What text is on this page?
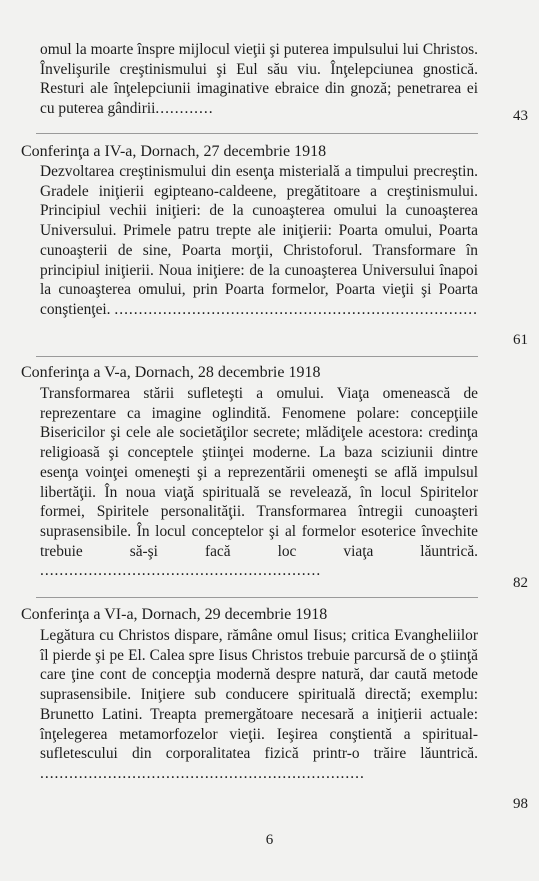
omul la moarte înspre mijlocul vieţii şi puterea impulsului lui Christos. Învelişurile creştinismului şi Eul său viu. Înţelepciunea gnostică. Resturi ale înţelepciunii imaginative ebraice din gnoză; penetrarea ei cu puterea gândirii............	43
Conferinţa a IV-a, Dornach, 27 decembrie 1918

Dezvoltarea creştinismului din esenţa misterială a timpului precreştin. Gradele iniţierii egipteano-caldeene, pregătitoare a creştinismului. Principiul vechii iniţieri: de la cunoaşterea omului la cunoaşterea Universului. Primele patru trepte ale iniţierii: Poarta omului, Poarta cunoaşterii de sine, Poarta morţii, Christoforul. Transformare în principiul iniţierii. Noua iniţiere: de la cunoaşterea Universului înapoi la cunoaşterea omului, prin Poarta formelor, Poarta vieţii şi Poarta conştienţei. ...........................................................................

61
Conferinţa a V-a, Dornach, 28 decembrie 1918

Transformarea stării sufleteşti a omului. Viaţa omenească de reprezentare ca imagine oglindită. Fenomene polare: concepţiile Bisericilor şi cele ale societăţilor secrete; mlădiţele acestora: credinţa religioasă şi conceptele ştiinţei moderne. La baza sciziunii dintre esenţa voinţei omeneşti şi a reprezentării omeneşti se află impulsul libertăţii. În noua viaţă spirituală se revelează, în locul Spiritelor formei, Spiritele personalităţii. Transformarea întregii cunoaşteri suprasensibile. În locul conceptelor şi al formelor esoterice învechite trebuie să-şi facă loc viaţa lăuntrică. ..........................................................

82
Conferinţa a VI-a, Dornach, 29 decembrie 1918

Legătura cu Christos dispare, rămâne omul Iisus; critica Evangheliilor îl pierde şi pe El. Calea spre Iisus Christos trebuie parcursă de o ştiinţă care ţine cont de concepţia modernă despre natură, dar caută metode suprasensibile. Iniţiere sub conducere spirituală directă; exemplu: Brunetto Latini. Treapta premergătoare necesară a iniţierii actuale: înţelegerea metamorfozelor vieţii. Ieşirea conştientă a spiritual-sufletescului din corporalitatea fizică printr-o trăire lăuntrică. ...................................................................

98
6
